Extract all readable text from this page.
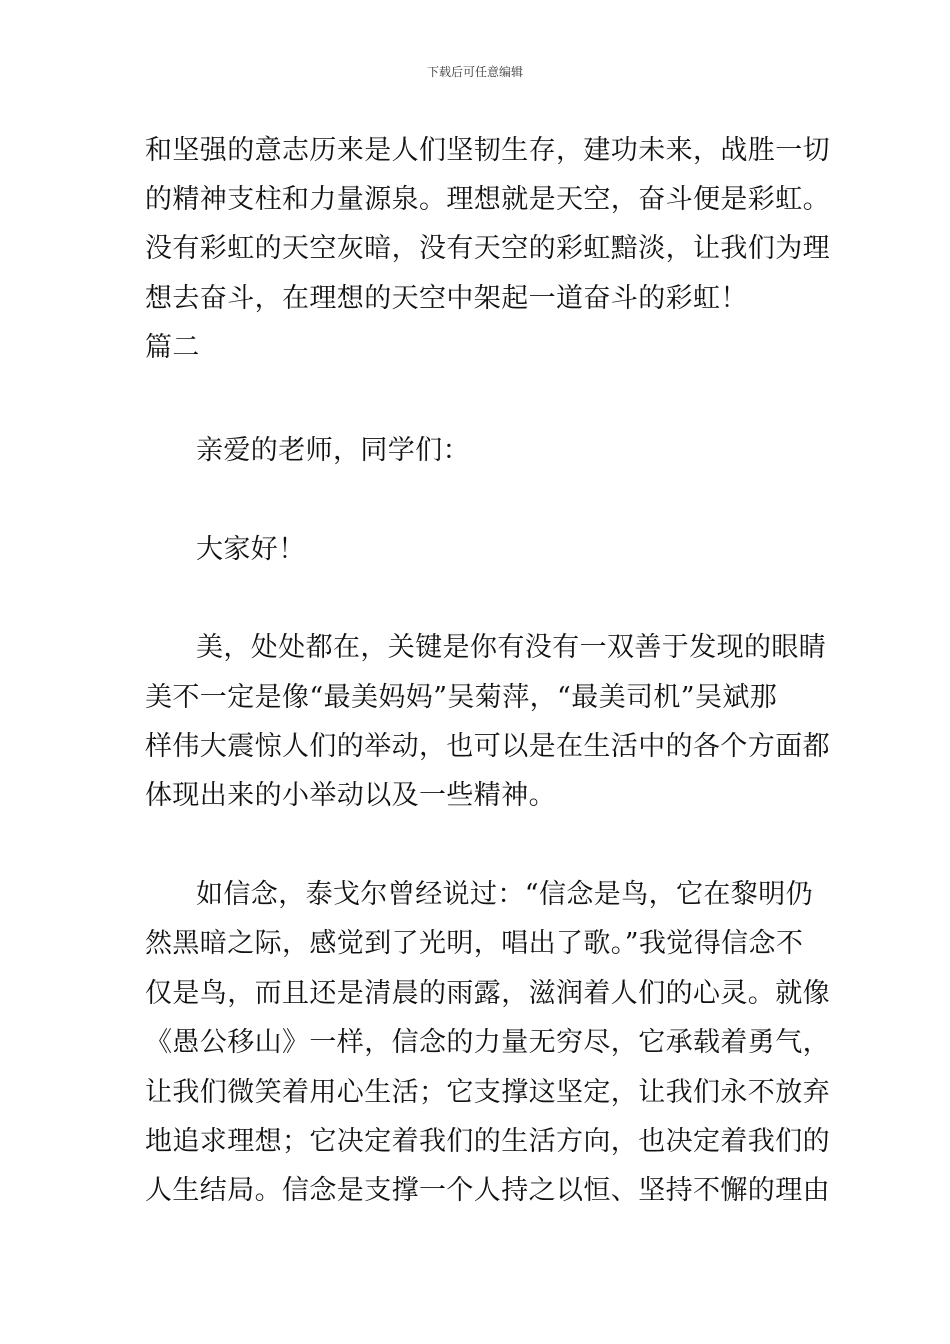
下载后可任意编辑
和坚强的意志历来是人们坚韧生存，建功未来，战胜一切
的精神支柱和力量源泉。理想就是天空，奋斗便是彩虹。
没有彩虹的天空灰暗，没有天空的彩虹黯淡，让我们为理
想去奋斗，在理想的天空中架起一道奋斗的彩虹！
篇二
亲爱的老师，同学们：
大家好！
美，处处都在，关键是你有没有一双善于发现的眼睛
美不一定是像“最美妈妈”吴菊萍，“最美司机”吴斌那
样伟大震惊人们的举动，也可以是在生活中的各个方面都
体现出来的小举动以及一些精神。
如信念，泰戈尔曾经说过：“信念是鸟，它在黎明仍
然黑暗之际，感觉到了光明，唱出了歌。”我觉得信念不
仅是鸟，而且还是清晨的雨露，滋润着人们的心灵。就像
《愚公移山》一样，信念的力量无穷尽，它承载着勇气，
让我们微笑着用心生活；它支撑这坚定，让我们永不放弃
地追求理想；它决定着我们的生活方向，也决定着我们的
人生结局。信念是支撑一个人持之以恒、坚持不懈的理由
